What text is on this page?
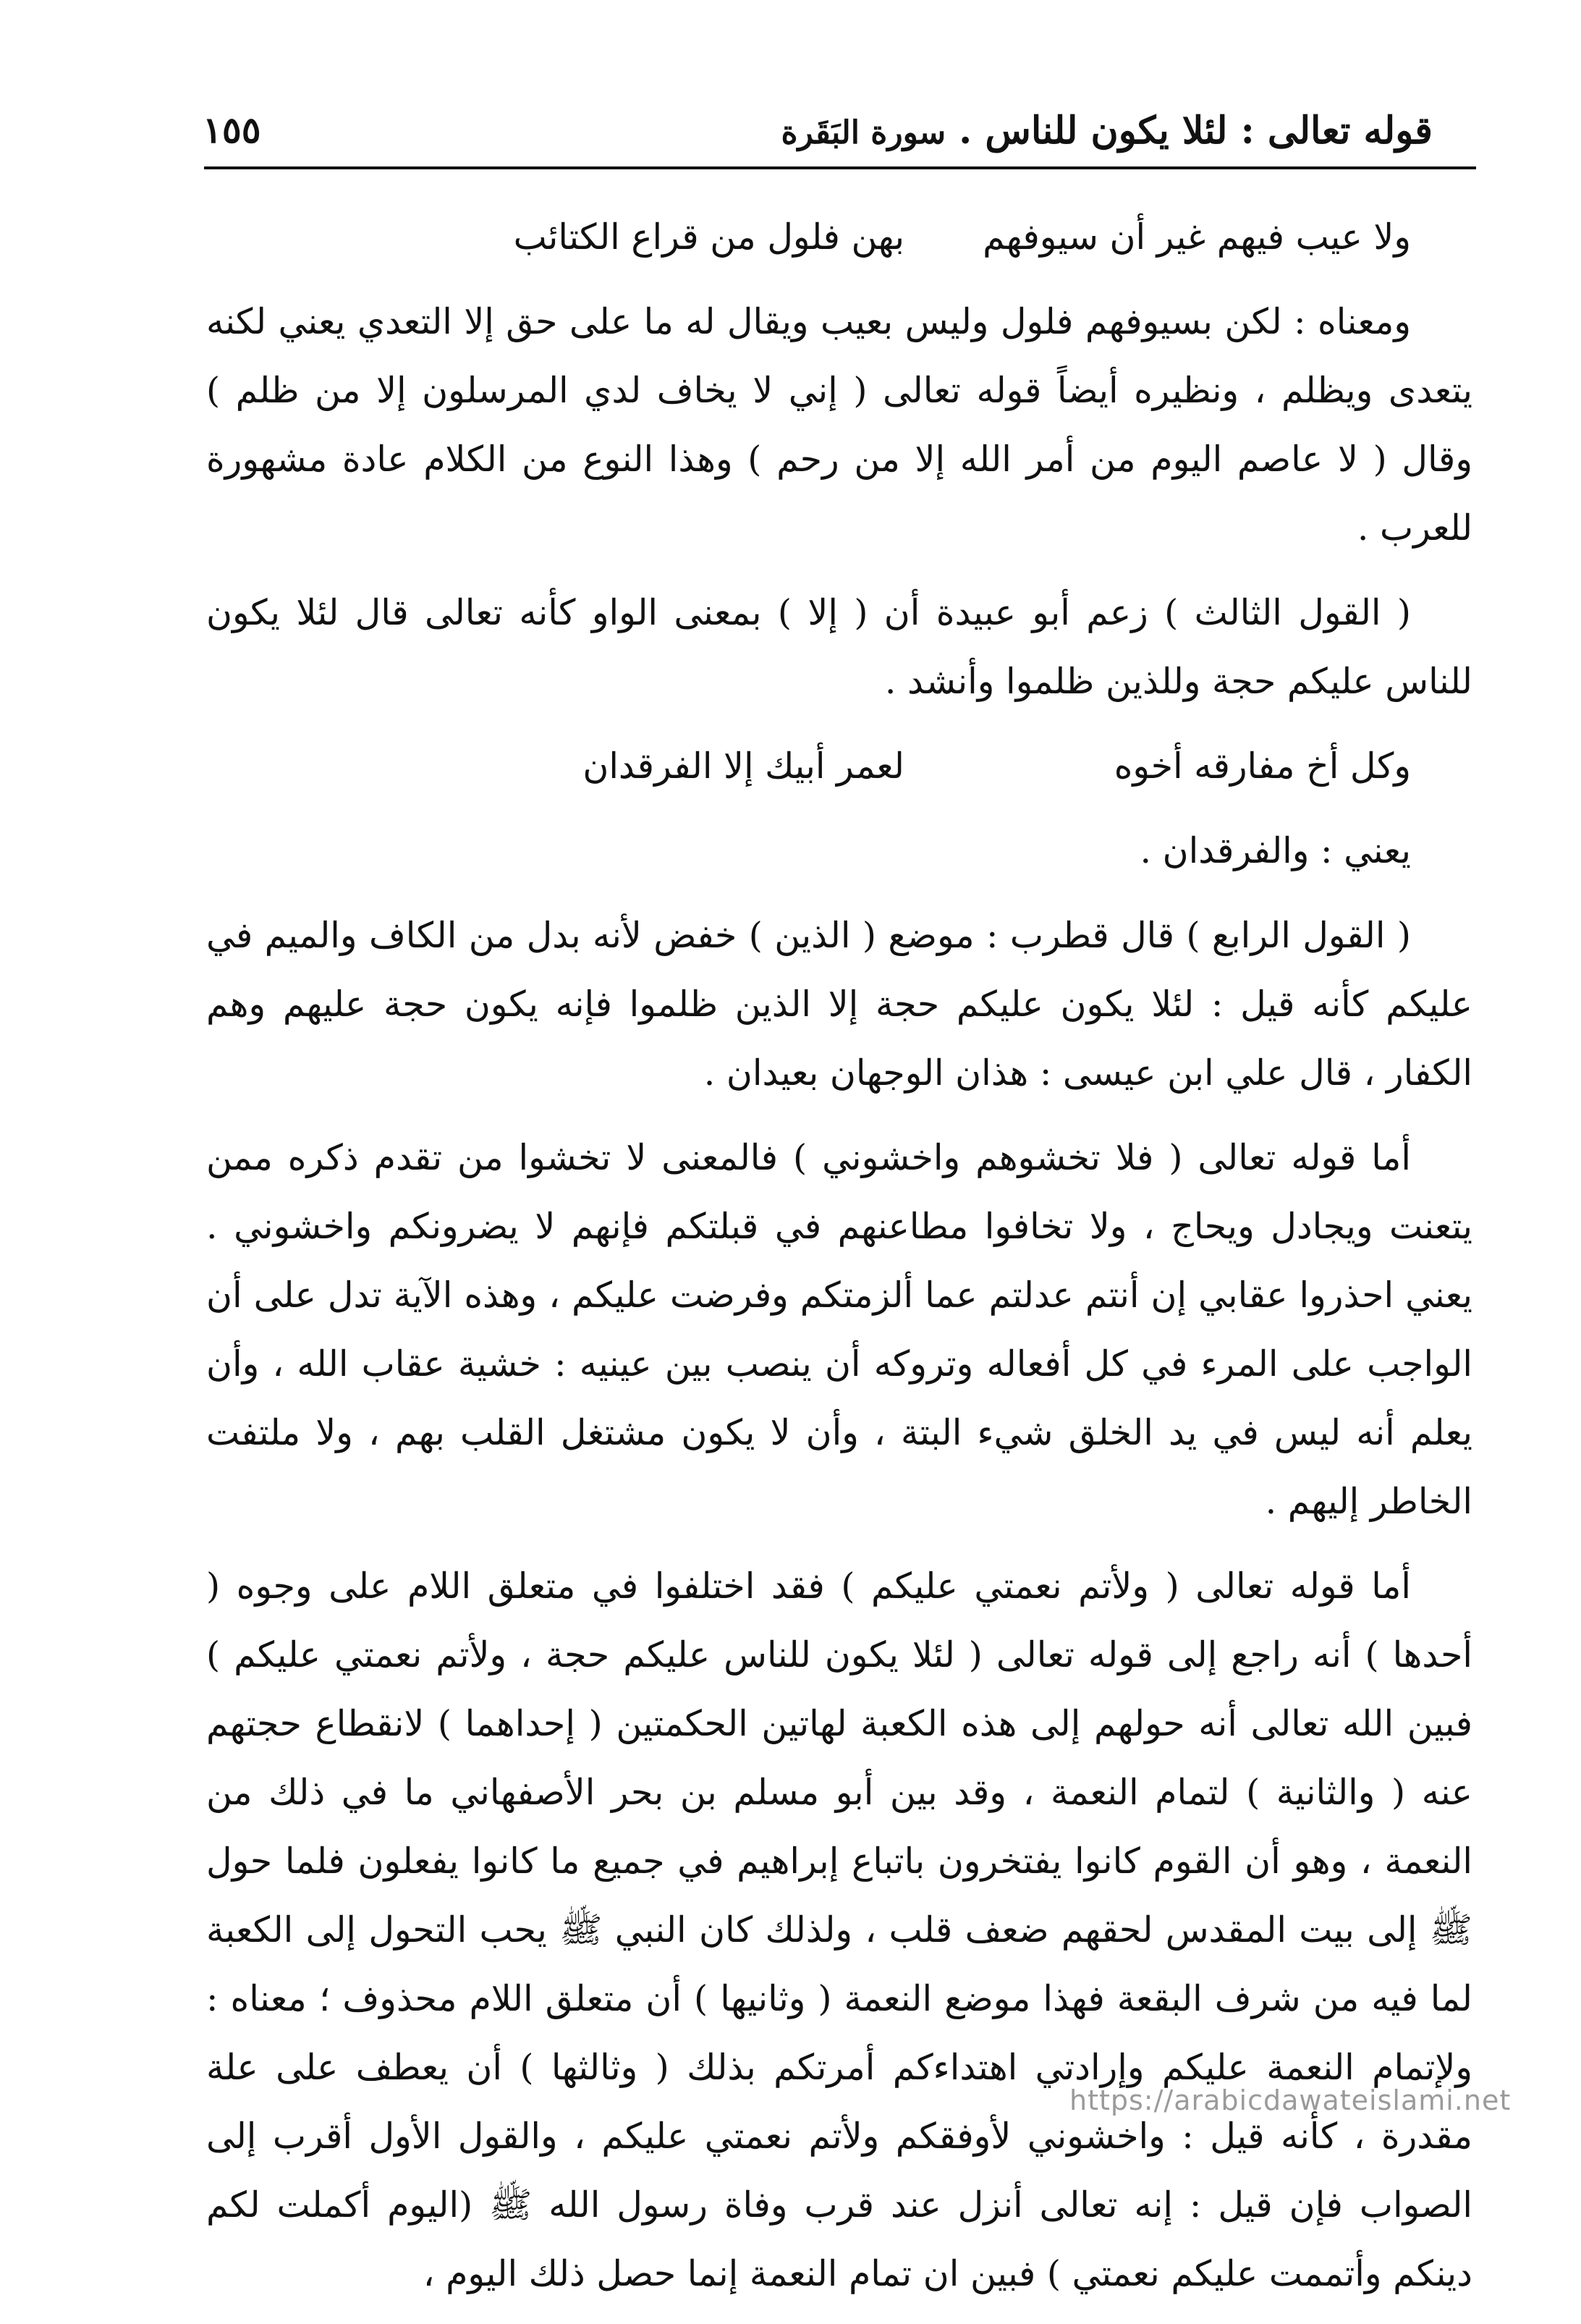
قوله تعالى : لئلا يكون للناس .سورة البَقَرة
١٥٥
ولا عيب فيهم غير أن سيوفهم
بهن فلول من قراع الكتائب

ومعناه : لكن بسيوفهم فلول وليس بعيب ويقال له ما على حق إلا التعدي يعني لكنه يتعدى ويظلم ، ونظيره أيضاً قوله تعالى ( إني لا يخاف لدي المرسلون إلا من ظلم ) وقال ( لا عاصم اليوم من أمر الله إلا من رحم ) وهذا النوع من الكلام عادة مشهورة للعرب .

( القول الثالث ) زعم أبو عبيدة أن ( إلا ) بمعنى الواو كأنه تعالى قال لئلا يكون للناس عليكم حجة وللذين ظلموا وأنشد .

وكل أخ مفارقه أخوه
لعمر أبيك إلا الفرقدان

يعني : والفرقدان .

( القول الرابع ) قال قطرب : موضع ( الذين ) خفض لأنه بدل من الكاف والميم في عليكم كأنه قيل : لئلا يكون عليكم حجة إلا الذين ظلموا فإنه يكون حجة عليهم وهم الكفار ، قال علي ابن عيسى : هذان الوجهان بعيدان .

أما قوله تعالى ( فلا تخشوهم واخشوني ) فالمعنى لا تخشوا من تقدم ذكره ممن يتعنت ويجادل ويحاج ، ولا تخافوا مطاعنهم في قبلتكم فإنهم لا يضرونكم واخشوني . يعني احذروا عقابي إن أنتم عدلتم عما ألزمتكم وفرضت عليكم ، وهذه الآية تدل على أن الواجب على المرء في كل أفعاله وتروكه أن ينصب بين عينيه : خشية عقاب الله ، وأن يعلم أنه ليس في يد الخلق شيء البتة ، وأن لا يكون مشتغل القلب بهم ، ولا ملتفت الخاطر إليهم .

أما قوله تعالى ( ولأتم نعمتي عليكم ) فقد اختلفوا في متعلق اللام على وجوه ( أحدها ) أنه راجع إلى قوله تعالى ( لئلا يكون للناس عليكم حجة ، ولأتم نعمتي عليكم ) فبين الله تعالى أنه حولهم إلى هذه الكعبة لهاتين الحكمتين ( إحداهما ) لانقطاع حجتهم عنه ( والثانية ) لتمام النعمة ، وقد بين أبو مسلم بن بحر الأصفهاني ما في ذلك من النعمة ، وهو أن القوم كانوا يفتخرون باتباع إبراهيم في جميع ما كانوا يفعلون فلما حول ﷺ إلى بيت المقدس لحقهم ضعف قلب ، ولذلك كان النبي ﷺ يحب التحول إلى الكعبة لما فيه من شرف البقعة فهذا موضع النعمة ( وثانيها ) أن متعلق اللام محذوف ؛ معناه : ولإتمام النعمة عليكم وإرادتي اهتداءكم أمرتكم بذلك ( وثالثها ) أن يعطف على علة مقدرة ، كأنه قيل : واخشوني لأوفقكم ولأتم نعمتي عليكم ، والقول الأول أقرب إلى الصواب فإن قيل : إنه تعالى أنزل عند قرب وفاة رسول الله ﷺ (اليوم أكملت لكم دينكم وأتممت عليكم نعمتي ) فبين ان تمام النعمة إنما حصل ذلك اليوم ،

https://arabicdawateislami.net
